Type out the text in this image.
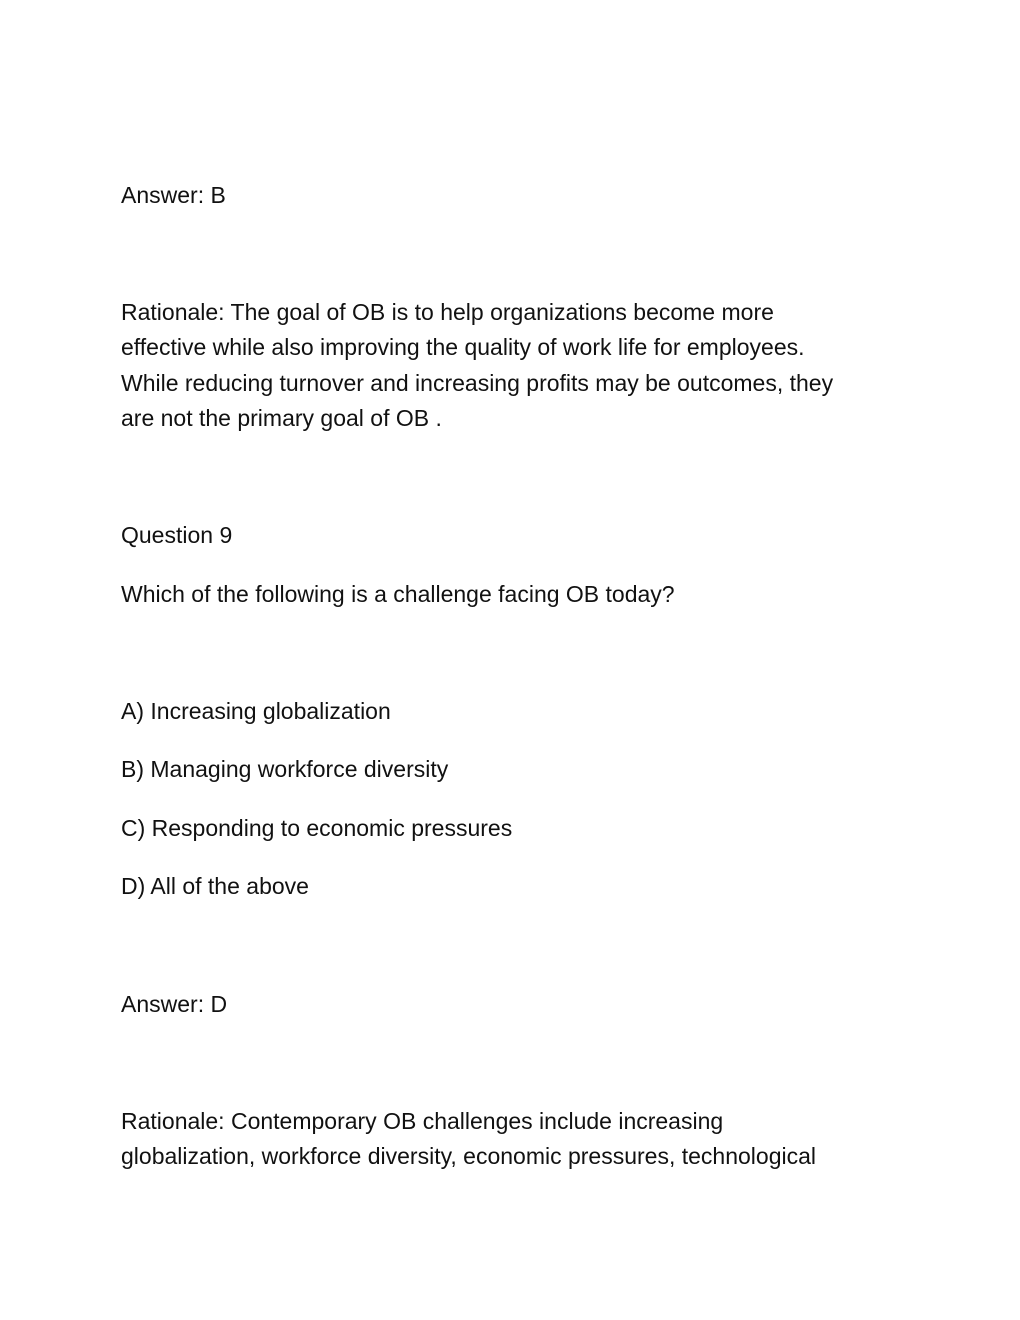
Answer: B

Rationale: The goal of OB is to help organizations become more
effective while also improving the quality of work life for employees.
While reducing turnover and increasing profits may be outcomes, they
are not the primary goal of OB .

Question 9

Which of the following is a challenge facing OB today?

A) Increasing globalization

B) Managing workforce diversity

C) Responding to economic pressures

D) All of the above

Answer: D

Rationale: Contemporary OB challenges include increasing
globalization, workforce diversity, economic pressures, technological
